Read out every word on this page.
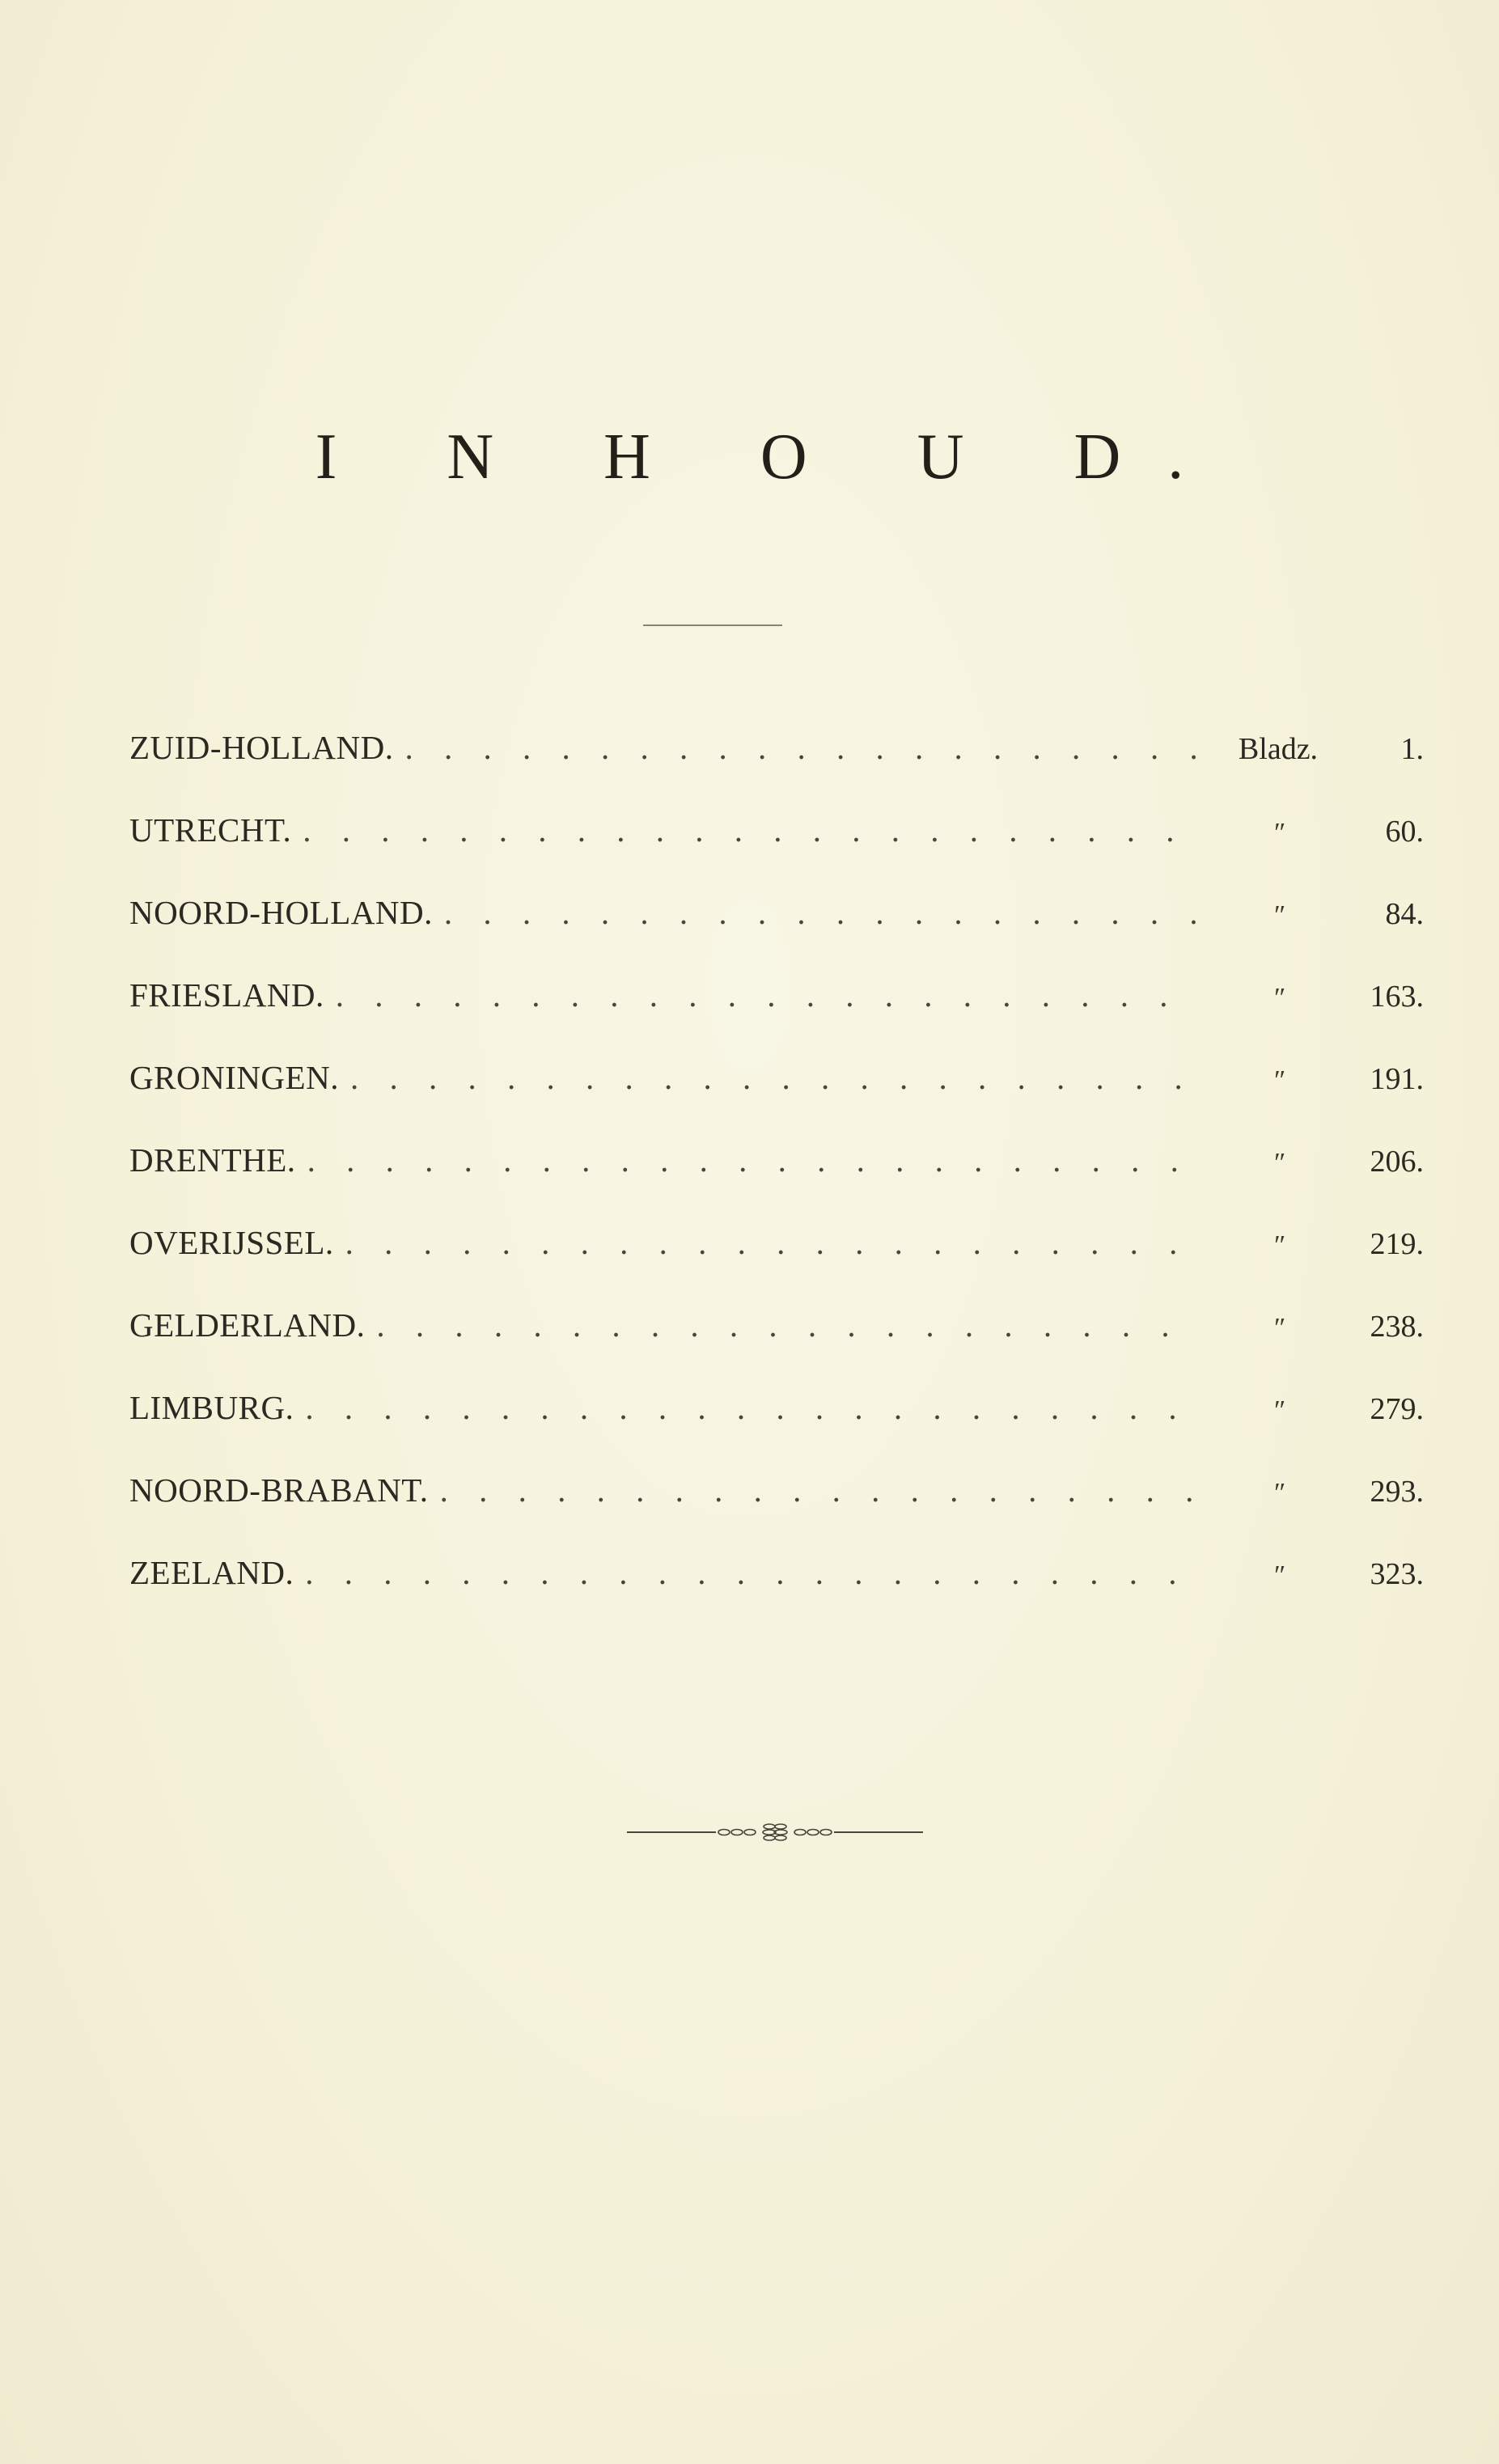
I N H O U D.
ZUID-HOLLAND. . . .	Bladz.	1.
UTRECHT. . . .	″	60.
NOORD-HOLLAND. . . .	″	84.
FRIESLAND. . . .	″	163.
GRONINGEN. . . .	″	191.
DRENTHE. . . .	″	206.
OVERIJSSEL. . . .	″	219.
GELDERLAND. . . .	″	238.
LIMBURG. . . .	″	279.
NOORD-BRABANT. . . .	″	293.
ZEELAND. . . .	″	323.
